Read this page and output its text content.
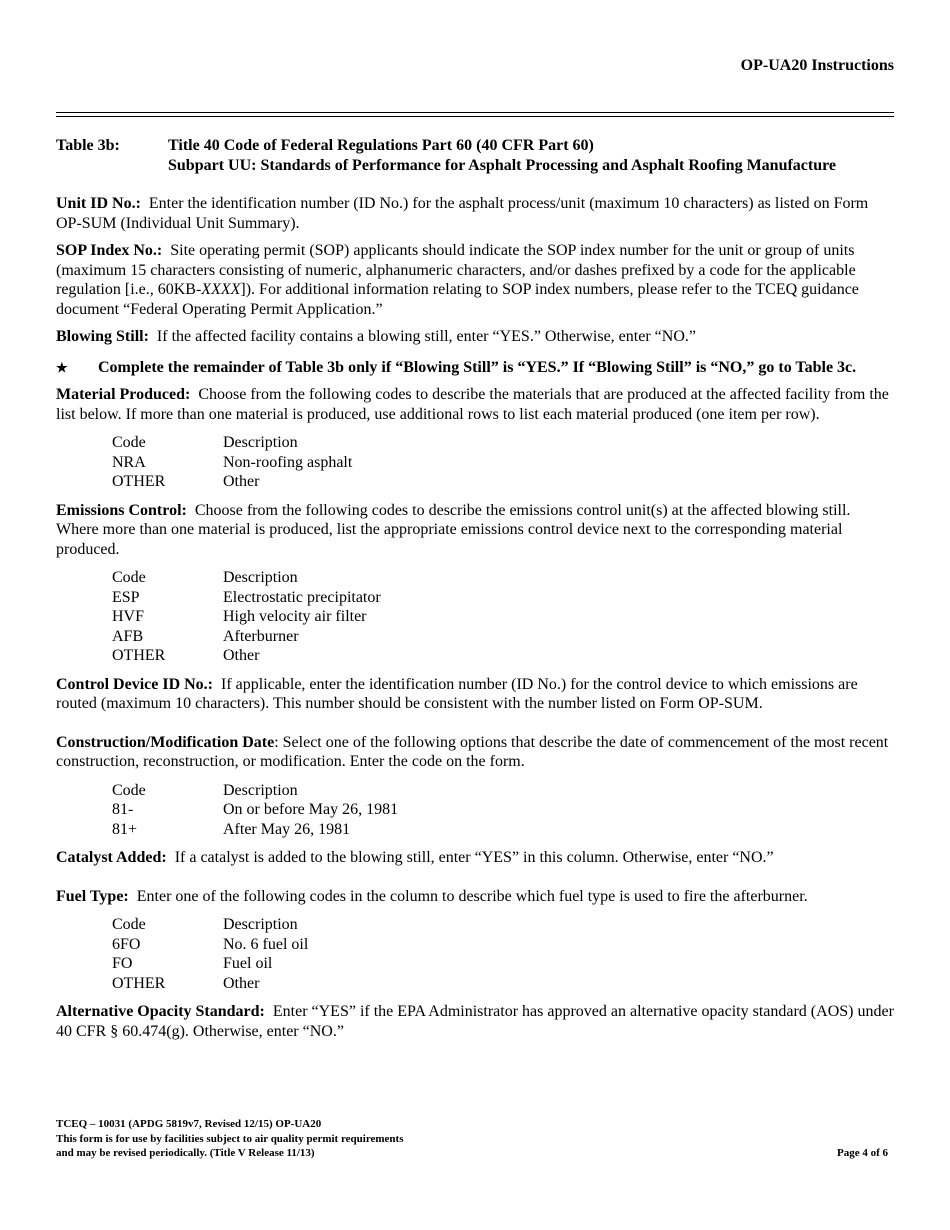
OP-UA20 Instructions
Table 3b:	Title 40 Code of Federal Regulations Part 60 (40 CFR Part 60)
Subpart UU: Standards of Performance for Asphalt Processing and Asphalt Roofing Manufacture

Unit ID No.: Enter the identification number (ID No.) for the asphalt process/unit (maximum 10 characters) as listed on Form OP-SUM (Individual Unit Summary).

SOP Index No.: Site operating permit (SOP) applicants should indicate the SOP index number for the unit or group of units (maximum 15 characters consisting of numeric, alphanumeric characters, and/or dashes prefixed by a code for the applicable regulation [i.e., 60KB-XXXX]). For additional information relating to SOP index numbers, please refer to the TCEQ guidance document “Federal Operating Permit Application.”

Blowing Still: If the affected facility contains a blowing still, enter “YES.” Otherwise, enter “NO.”

★	Complete the remainder of Table 3b only if “Blowing Still” is “YES.” If “Blowing Still” is “NO,” go to Table 3c.

Material Produced: Choose from the following codes to describe the materials that are produced at the affected facility from the list below. If more than one material is produced, use additional rows to list each material produced (one item per row).

Code	Description
NRA	Non-roofing asphalt
OTHER	Other

Emissions Control: Choose from the following codes to describe the emissions control unit(s) at the affected blowing still. Where more than one material is produced, list the appropriate emissions control device next to the corresponding material produced.

Code	Description
ESP	Electrostatic precipitator
HVF	High velocity air filter
AFB	Afterburner
OTHER	Other

Control Device ID No.: If applicable, enter the identification number (ID No.) for the control device to which emissions are routed (maximum 10 characters). This number should be consistent with the number listed on Form OP-SUM.

Construction/Modification Date: Select one of the following options that describe the date of commencement of the most recent construction, reconstruction, or modification. Enter the code on the form.

Code	Description
81-	On or before May 26, 1981
81+	After May 26, 1981

Catalyst Added: If a catalyst is added to the blowing still, enter “YES” in this column. Otherwise, enter “NO.”

Fuel Type: Enter one of the following codes in the column to describe which fuel type is used to fire the afterburner.

Code	Description
6FO	No. 6 fuel oil
FO	Fuel oil
OTHER	Other

Alternative Opacity Standard: Enter “YES” if the EPA Administrator has approved an alternative opacity standard (AOS) under 40 CFR § 60.474(g). Otherwise, enter “NO.”

TCEQ – 10031 (APDG 5819v7, Revised 12/15) OP-UA20
This form is for use by facilities subject to air quality permit requirements
and may be revised periodically. (Title V Release 11/13)	Page 4 of 6
